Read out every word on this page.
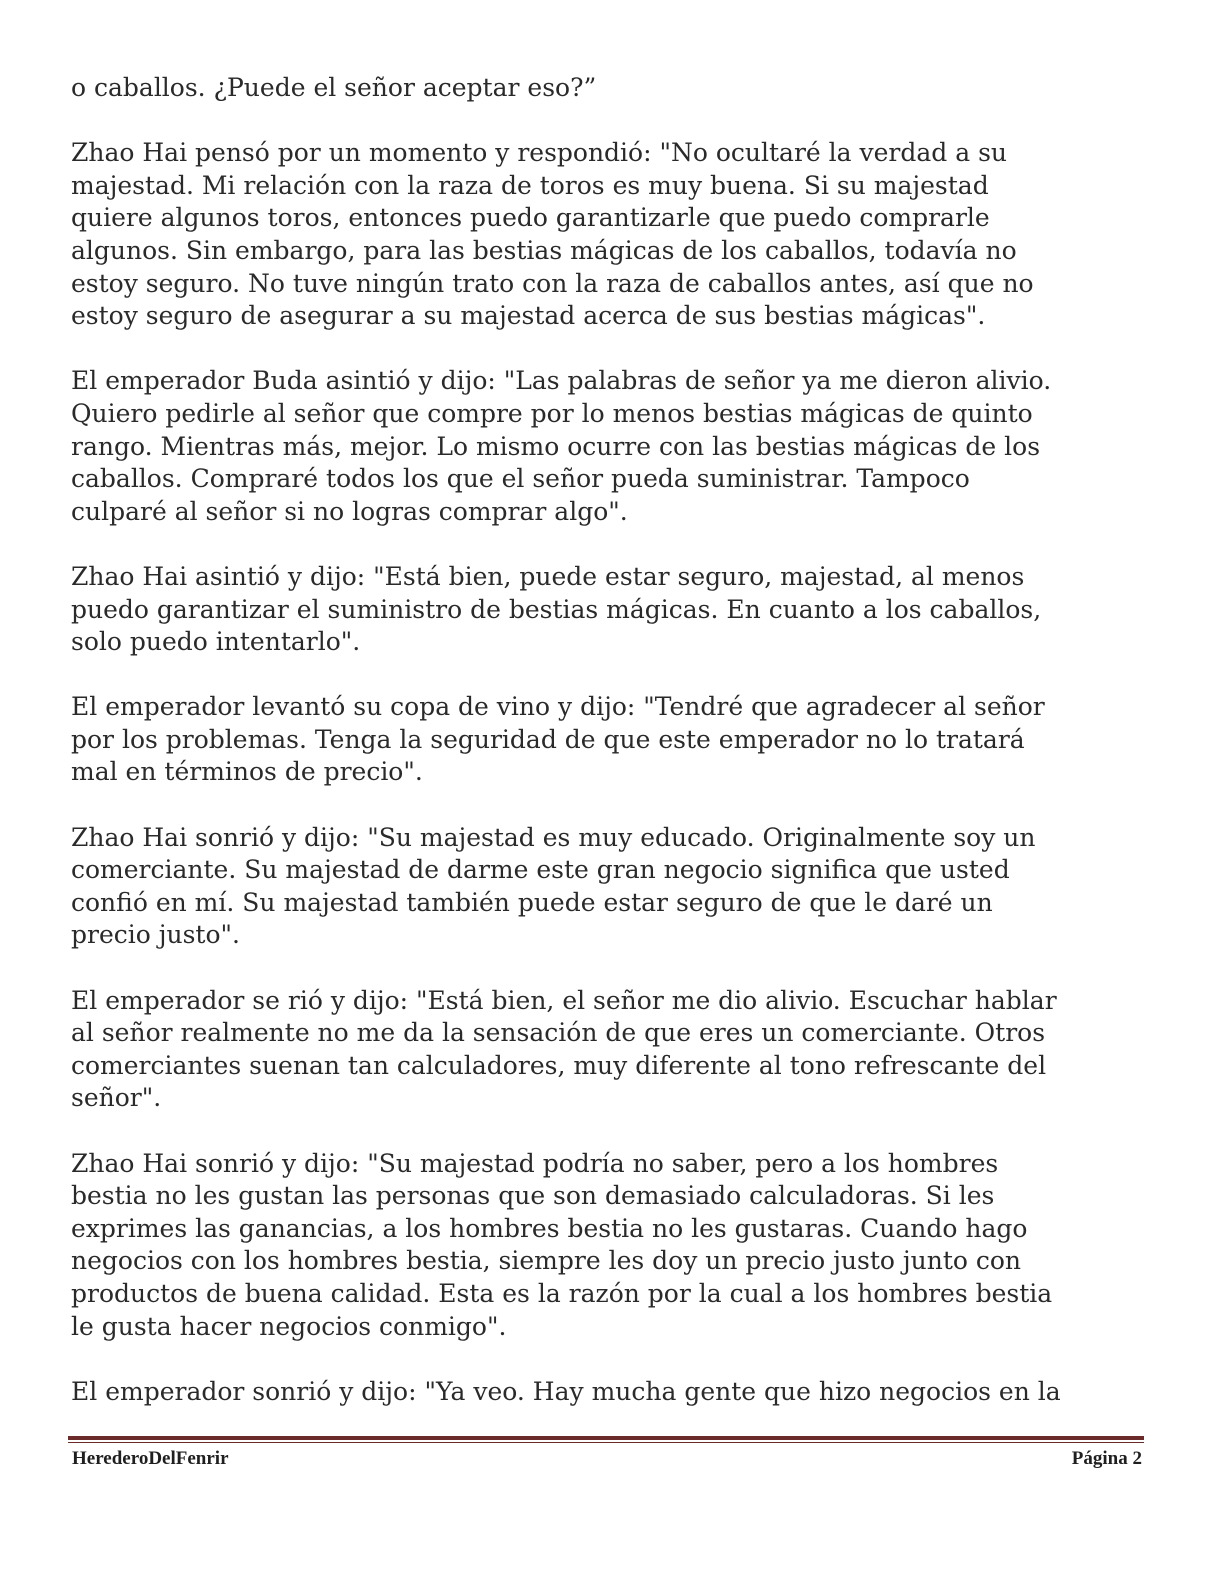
o caballos. ¿Puede el señor aceptar eso?”

Zhao Hai pensó por un momento y respondió: "No ocultaré la verdad a su
majestad. Mi relación con la raza de toros es muy buena. Si su majestad
quiere algunos toros, entonces puedo garantizarle que puedo comprarle
algunos. Sin embargo, para las bestias mágicas de los caballos, todavía no
estoy seguro. No tuve ningún trato con la raza de caballos antes, así que no
estoy seguro de asegurar a su majestad acerca de sus bestias mágicas".

El emperador Buda asintió y dijo: "Las palabras de señor ya me dieron alivio.
Quiero pedirle al señor que compre por lo menos bestias mágicas de quinto
rango. Mientras más, mejor. Lo mismo ocurre con las bestias mágicas de los
caballos. Compraré todos los que el señor pueda suministrar. Tampoco
culparé al señor si no logras comprar algo".

Zhao Hai asintió y dijo: "Está bien, puede estar seguro, majestad, al menos
puedo garantizar el suministro de bestias mágicas. En cuanto a los caballos,
solo puedo intentarlo".

El emperador levantó su copa de vino y dijo: "Tendré que agradecer al señor
por los problemas. Tenga la seguridad de que este emperador no lo tratará
mal en términos de precio".

Zhao Hai sonrió y dijo: "Su majestad es muy educado. Originalmente soy un
comerciante. Su majestad de darme este gran negocio significa que usted
confió en mí. Su majestad también puede estar seguro de que le daré un
precio justo".

El emperador se rió y dijo: "Está bien, el señor me dio alivio. Escuchar hablar
al señor realmente no me da la sensación de que eres un comerciante. Otros
comerciantes suenan tan calculadores, muy diferente al tono refrescante del
señor".

Zhao Hai sonrió y dijo: "Su majestad podría no saber, pero a los hombres
bestia no les gustan las personas que son demasiado calculadoras. Si les
exprimes las ganancias, a los hombres bestia no les gustaras. Cuando hago
negocios con los hombres bestia, siempre les doy un precio justo junto con
productos de buena calidad. Esta es la razón por la cual a los hombres bestia
le gusta hacer negocios conmigo".

El emperador sonrió y dijo: "Ya veo. Hay mucha gente que hizo negocios en la

HerederoDelFenrir	Página 2
